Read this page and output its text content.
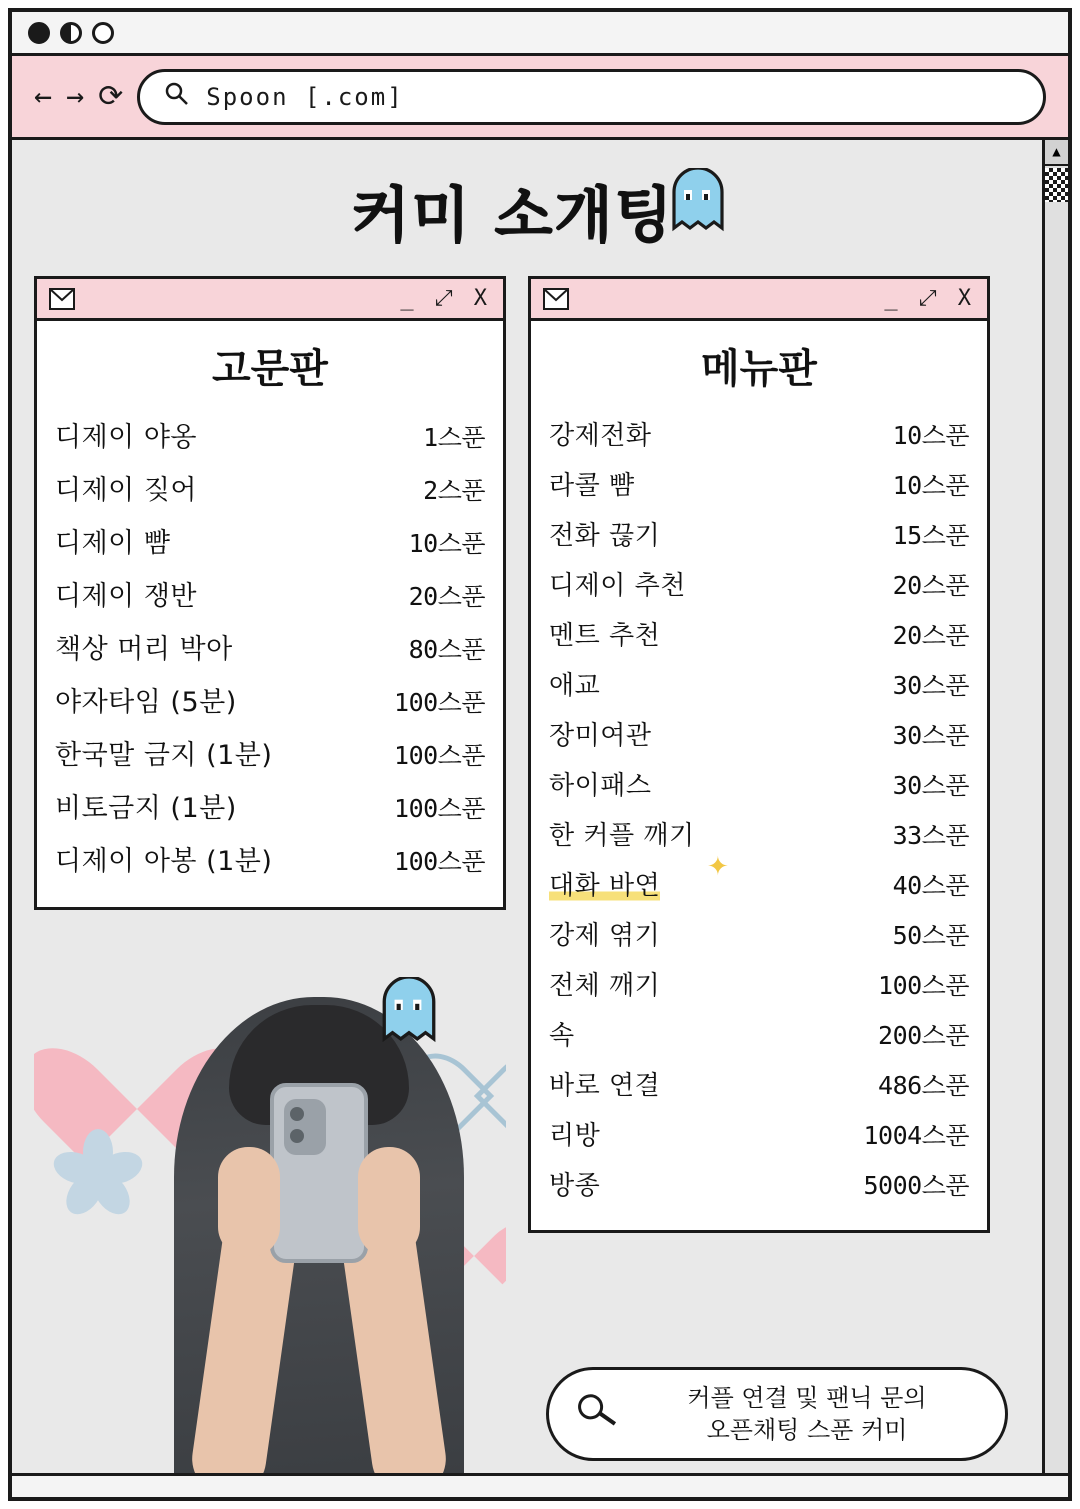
← → ⟳	Spoon [.com]
커미 소개팅
_ ⤢ X
고문판
디제이 야옹	1스푼
디제이 짖어	2스푼
디제이 뺨	10스푼
디제이 쟁반	20스푼
책상 머리 박아	80스푼
야자타임 (5분)	100스푼
한국말 금지 (1분)	100스푼
비토금지 (1분)	100스푼
디제이 아봉 (1분)	100스푼
_ ⤢ X
메뉴판
강제전화	10스푼
라콜 뺨	10스푼
전화 끊기	15스푼
디제이 추천	20스푼
멘트 추천	20스푼
애교	30스푼
장미여관	30스푼
하이패스	30스푼
한 커플 깨기	33스푼
✦
대화 바연	40스푼
강제 엮기	50스푼
전체 깨기	100스푼
속	200스푼
바로 연결	486스푼
리방	1004스푼
방종	5000스푼
커플 연결 및 팬닉 문의
오픈채팅 스푼 커미
▲
